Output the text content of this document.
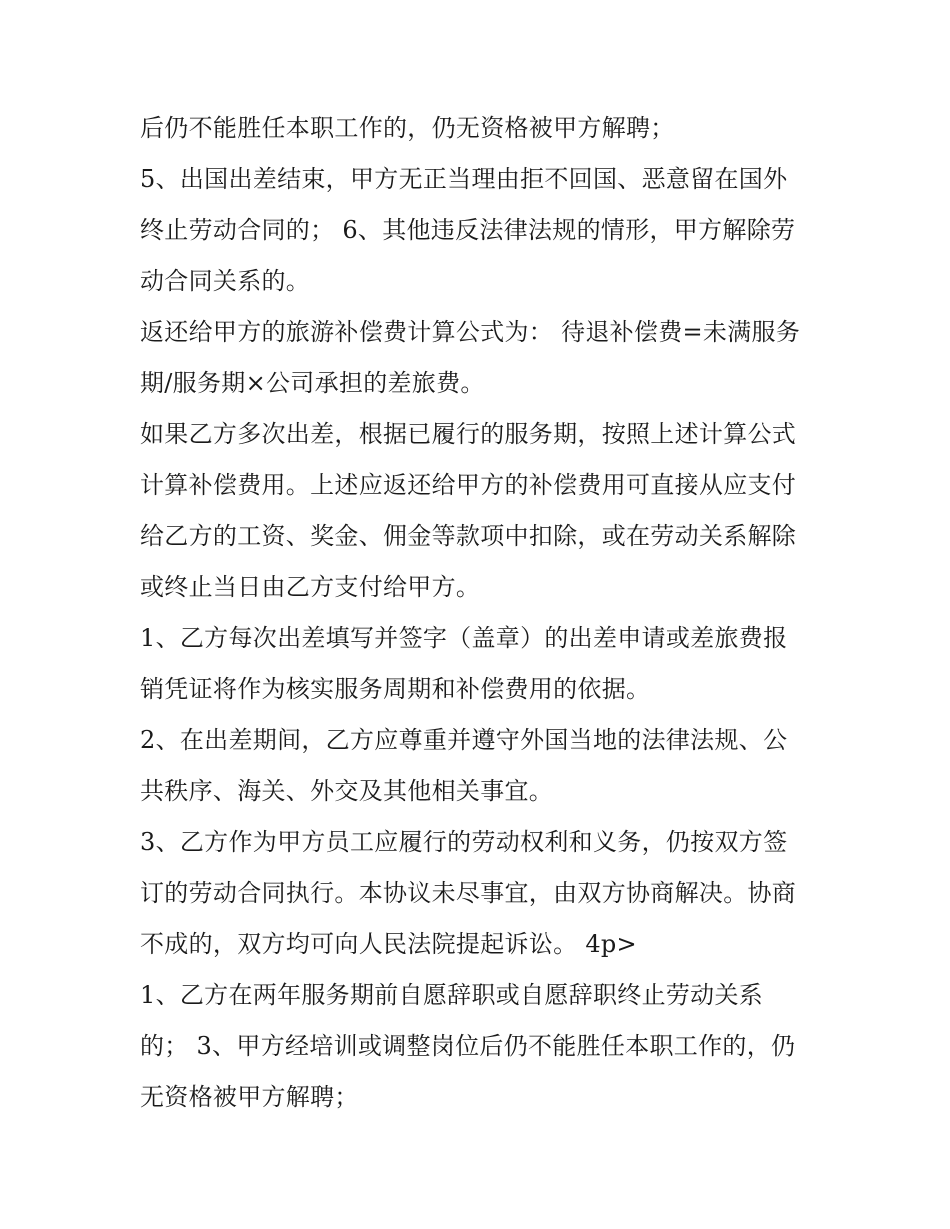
后仍不能胜任本职工作的，仍无资格被甲方解聘；
5、出国出差结束，甲方无正当理由拒不回国、恶意留在国外
终止劳动合同的； 6、其他违反法律法规的情形，甲方解除劳
动合同关系的。
返还给甲方的旅游补偿费计算公式为： 待退补偿费=未满服务
期/服务期×公司承担的差旅费。
如果乙方多次出差，根据已履行的服务期，按照上述计算公式
计算补偿费用。上述应返还给甲方的补偿费用可直接从应支付
给乙方的工资、奖金、佣金等款项中扣除，或在劳动关系解除
或终止当日由乙方支付给甲方。
1、乙方每次出差填写并签字（盖章）的出差申请或差旅费报
销凭证将作为核实服务周期和补偿费用的依据。
2、在出差期间，乙方应尊重并遵守外国当地的法律法规、公
共秩序、海关、外交及其他相关事宜。
3、乙方作为甲方员工应履行的劳动权利和义务，仍按双方签
订的劳动合同执行。本协议未尽事宜，由双方协商解决。协商
不成的，双方均可向人民法院提起诉讼。 4p>
1、乙方在两年服务期前自愿辞职或自愿辞职终止劳动关系
的； 3、甲方经培训或调整岗位后仍不能胜任本职工作的，仍
无资格被甲方解聘；
